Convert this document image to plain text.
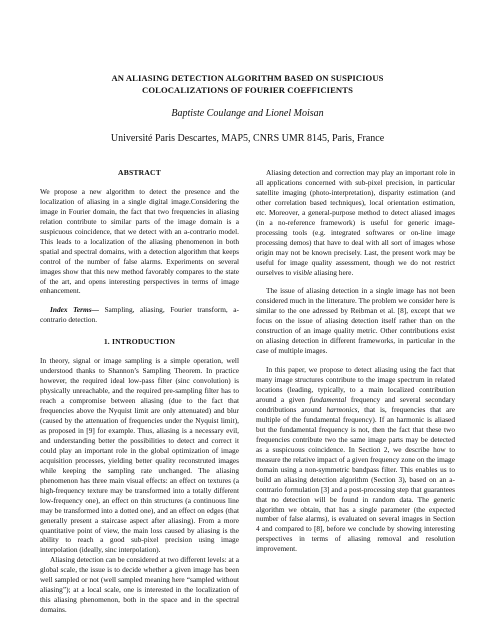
AN ALIASING DETECTION ALGORITHM BASED ON SUSPICIOUS
COLOCALIZATIONS OF FOURIER COEFFICIENTS

Baptiste Coulange and Lionel Moisan

Université Paris Descartes, MAP5, CNRS UMR 8145, Paris, France

ABSTRACT

We propose a new algorithm to detect the presence and the localization of aliasing in a single digital image.Considering the image in Fourier domain, the fact that two frequencies in aliasing relation contribute to similar parts of the image domain is a suspicuous coincidence, that we detect with an a-contrario model. This leads to a localization of the aliasing phenomenon in both spatial and spectral domains, with a detection algorithm that keeps control of the number of false alarms. Experiments on several images show that this new method favorably compares to the state of the art, and opens interesting perspectives in terms of image enhancement.

Index Terms— Sampling, aliasing, Fourier transform, a-contrario detection.

1. INTRODUCTION

In theory, signal or image sampling is a simple operation, well understood thanks to Shannon’s Sampling Theorem. In practice however, the required ideal low-pass filter (sinc convolution) is physically unreachable, and the required pre-sampling filter has to reach a compromise between aliasing (due to the fact that frequencies above the Nyquist limit are only attenuated) and blur (caused by the attenuation of frequencies under the Nyquist limit), as proposed in [9] for example. Thus, aliasing is a necessary evil, and understanding better the possibilities to detect and correct it could play an important role in the global optimization of image acquisition processes, yielding better quality reconstruted images while keeping the sampling rate unchanged. The aliasing phenomenon has three main visual effects: an effect on textures (a high-frequency texture may be transformed into a totally different low-frequency one), an effect on thin structures (a continuous line may be transformed into a dotted one), and an effect on edges (that generally present a staircase aspect after aliasing). From a more quantitative point of view, the main loss caused by aliasing is the ability to reach a good sub-pixel precision using image interpolation (ideally, sinc interpolation).

Aliasing detection can be considered at two different levels: at a global scale, the issue is to decide whether a given image has been well sampled or not (well sampled meaning here “sampled without aliasing”); at a local scale, one is interested in the localization of this aliasing phenomenon, both in the space and in the spectral domains.

Aliasing detection and correction may play an important role in all applications concerned with sub-pixel precision, in particular satellite imaging (photo-interpretation), disparity estimation (and other correlation based techniques), local orientation estimation, etc. Moreover, a general-purpose method to detect aliased images (in a no-reference framework) is useful for generic image-processing tools (e.g. integrated softwares or on-line image processing demos) that have to deal with all sort of images whose origin may not be known precisely. Last, the present work may be useful for image quality assessment, though we do not restrict ourselves to visible aliasing here.

The issue of aliasing detection in a single image has not been considered much in the litterature. The problem we consider here is similar to the one adressed by Reibman et al. [8], except that we focus on the issue of aliasing detection itself rather than on the construction of an image quality metric. Other contributions exist on aliasing detection in different frameworks, in particular in the case of multiple images.

In this paper, we propose to detect aliasing using the fact that many image structures contribute to the image spectrum in related locations (leading, typically, to a main localized contribution around a given fundamental frequency and several secondary condributions around harmonics, that is, frequencies that are multiple of the fundamental frequency). If an harmonic is aliased but the fundamental frequency is not, then the fact that these two frequencies contribute two the same image parts may be detected as a suspicuous coincidence. In Section 2, we describe how to measure the relative impact of a given frequency zone on the image domain using a non-symmetric bandpass filter. This enables us to build an aliasing detection algorithm (Section 3), based on an a-contrario formulation [3] and a post-processing step that guarantees that no detection will be found in random data. The generic algorithm we obtain, that has a single parameter (the expected number of false alarms), is evaluated on several images in Section 4 and compared to [8], before we conclude by showing interesting perspectives in terms of aliasing removal and resolution improvement.
